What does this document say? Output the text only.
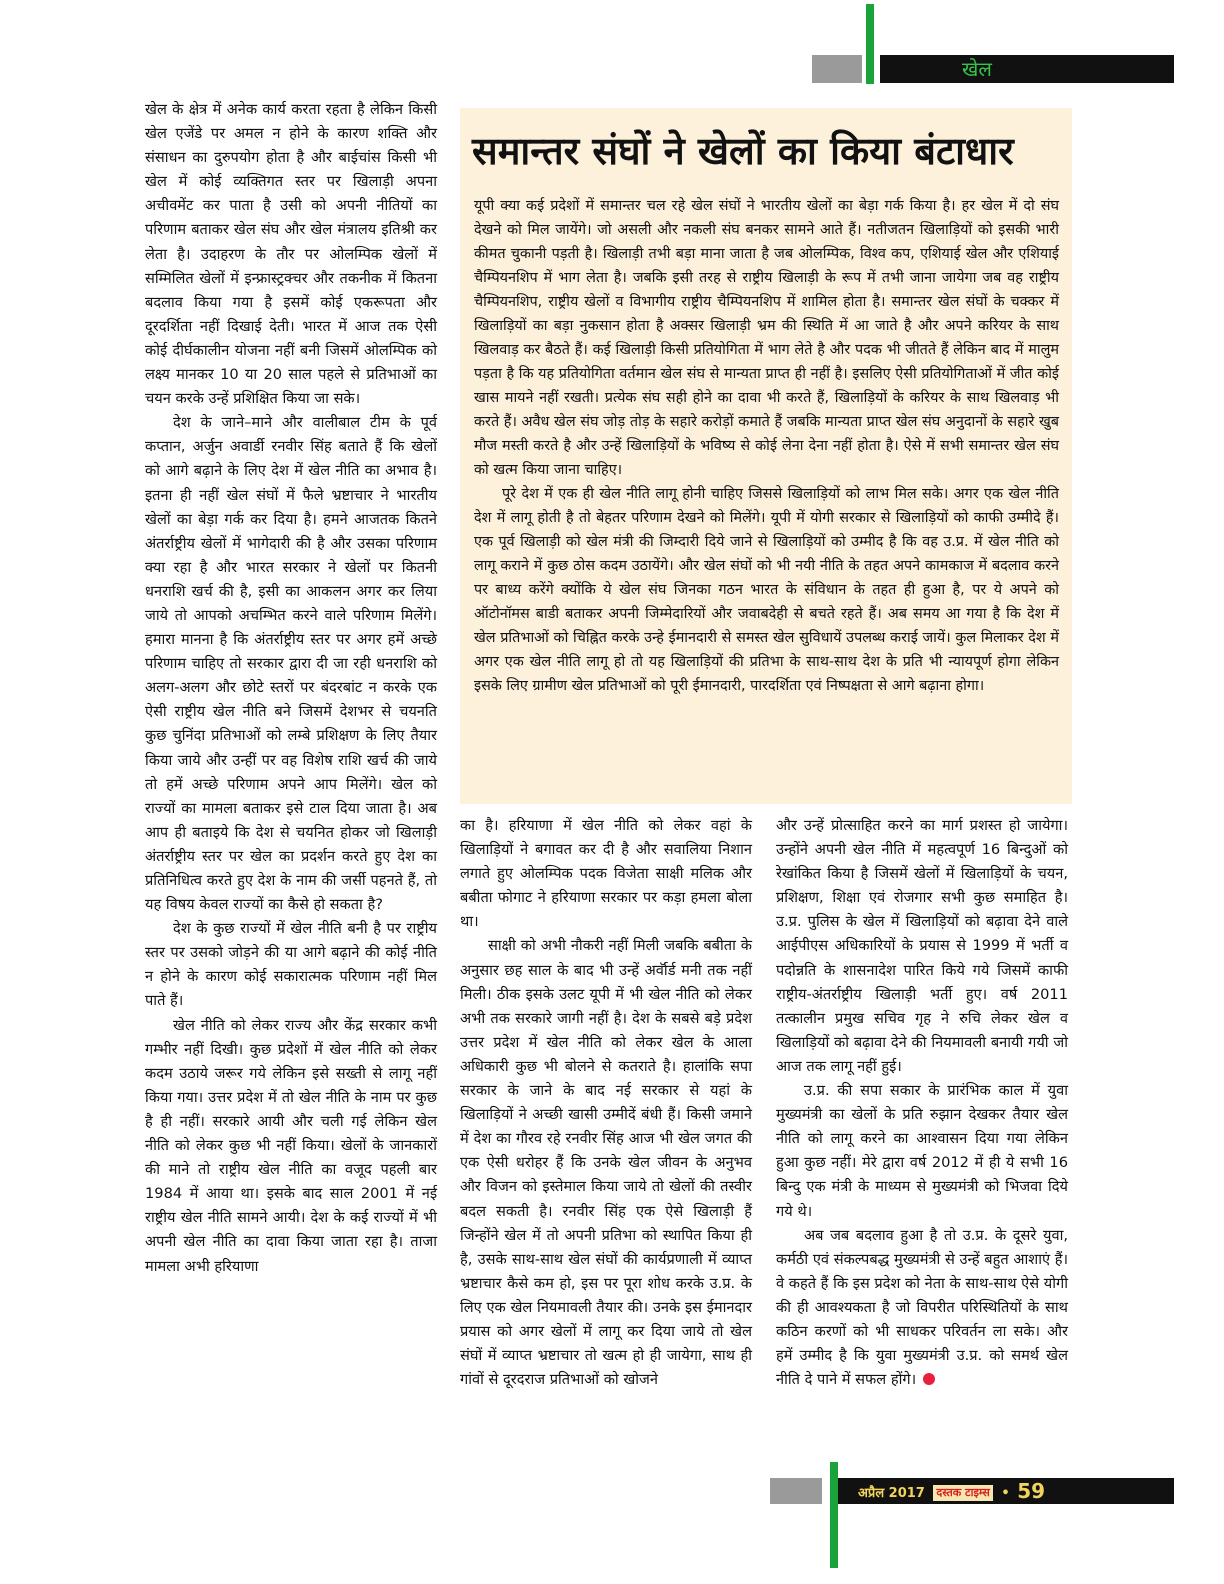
खेल

खेल के क्षेत्र में अनेक कार्य करता रहता है लेकिन किसी खेल एजेंडे पर अमल न होने के कारण शक्ति और संसाधन का दुरुपयोग होता है और बाईचांस किसी भी खेल में कोई व्यक्तिगत स्तर पर खिलाड़ी अपना अचीवमेंट कर पाता है उसी को अपनी नीतियों का परिणाम बताकर खेल संघ और खेल मंत्रालय इतिश्री कर लेता है। उदाहरण के तौर पर ओलम्पिक खेलों में सम्मिलित खेलों में इन्फ्रास्ट्रक्चर और तकनीक में कितना बदलाव किया गया है इसमें कोई एकरूपता और दूरदर्शिता नहीं दिखाई देती। भारत में आज तक ऐसी कोई दीर्घकालीन योजना नहीं बनी जिसमें ओलम्पिक को लक्ष्य मानकर 10 या 20 साल पहले से प्रतिभाओं का चयन करके उन्हें प्रशिक्षित किया जा सके।

देश के जाने–माने और वालीबाल टीम के पूर्व कप्तान, अर्जुन अवार्डी रनवीर सिंह बताते हैं कि खेलों को आगे बढ़ाने के लिए देश में खेल नीति का अभाव है। इतना ही नहीं खेल संघों में फैले भ्रष्टाचार ने भारतीय खेलों का बेड़ा गर्क कर दिया है। हमने आजतक कितने अंतर्राष्ट्रीय खेलों में भागेदारी की है और उसका परिणाम क्या रहा है और भारत सरकार ने खेलों पर कितनी धनराशि खर्च की है, इसी का आकलन अगर कर लिया जाये तो आपको अचम्भित करने वाले परिणाम मिलेंगे। हमारा मानना है कि अंतर्राष्ट्रीय स्तर पर अगर हमें अच्छे परिणाम चाहिए तो सरकार द्वारा दी जा रही धनराशि को अलग-अलग और छोटे स्तरों पर बंदरबांट न करके एक ऐसी राष्ट्रीय खेल नीति बने जिसमें देशभर से चयनति कुछ चुनिंदा प्रतिभाओं को लम्बे प्रशिक्षण के लिए तैयार किया जाये और उन्हीं पर वह विशेष राशि खर्च की जाये तो हमें अच्छे परिणाम अपने आप मिलेंगे। खेल को राज्यों का मामला बताकर इसे टाल दिया जाता है। अब आप ही बताइये कि देश से चयनित होकर जो खिलाड़ी अंतर्राष्ट्रीय स्तर पर खेल का प्रदर्शन करते हुए देश का प्रतिनिधित्व करते हुए देश के नाम की जर्सी पहनते हैं, तो यह विषय केवल राज्यों का कैसे हो सकता है?

देश के कुछ राज्यों में खेल नीति बनी है पर राष्ट्रीय स्तर पर उसको जोड़ने की या आगे बढ़ाने की कोई नीति न होने के कारण कोई सकारात्मक परिणाम नहीं मिल पाते हैं।

खेल नीति को लेकर राज्य और केंद्र सरकार कभी गम्भीर नहीं दिखी। कुछ प्रदेशों में खेल नीति को लेकर कदम उठाये जरूर गये लेकिन इसे सख्ती से लागू नहीं किया गया। उत्तर प्रदेश में तो खेल नीति के नाम पर कुछ है ही नहीं। सरकारे आयी और चली गई लेकिन खेल नीति को लेकर कुछ भी नहीं किया। खेलों के जानकारों की माने तो राष्ट्रीय खेल नीति का वजूद पहली बार 1984 में आया था। इसके बाद साल 2001 में नई राष्ट्रीय खेल नीति सामने आयी। देश के कई राज्यों में भी अपनी खेल नीति का दावा किया जाता रहा है। ताजा मामला अभी हरियाणा

समान्तर संघों ने खेलों का किया बंटाधार

यूपी क्या कई प्रदेशों में समान्तर चल रहे खेल संघों ने भारतीय खेलों का बेड़ा गर्क किया है। हर खेल में दो संघ देखने को मिल जायेंगे। जो असली और नकली संघ बनकर सामने आते हैं। नतीजतन खिलाड़ियों को इसकी भारी कीमत चुकानी पड़ती है। खिलाड़ी तभी बड़ा माना जाता है जब ओलम्पिक, विश्व कप, एशियाई खेल और एशियाई चैम्पियनशिप में भाग लेता है। जबकि इसी तरह से राष्ट्रीय खिलाड़ी के रूप में तभी जाना जायेगा जब वह राष्ट्रीय चैम्पियनशिप, राष्ट्रीय खेलों व विभागीय राष्ट्रीय चैम्पियनशिप में शामिल होता है। समान्तर खेल संघों के चक्कर में खिलाड़ियों का बड़ा नुकसान होता है अक्सर खिलाड़ी भ्रम की स्थिति में आ जाते है और अपने करियर के साथ खिलवाड़ कर बैठते हैं। कई खिलाड़ी किसी प्रतियोगिता में भाग लेते है और पदक भी जीतते हैं लेकिन बाद में मालुम पड़ता है कि यह प्रतियोगिता वर्तमान खेल संघ से मान्यता प्राप्त ही नहीं है। इसलिए ऐसी प्रतियोगिताओं में जीत कोई खास मायने नहीं रखती। प्रत्येक संघ सही होने का दावा भी करते हैं, खिलाड़ियों के करियर के साथ खिलवाड़ भी करते हैं। अवैध खेल संघ जोड़ तोड़ के सहारे करोड़ों कमाते हैं जबकि मान्यता प्राप्त खेल संघ अनुदानों के सहारे खुब मौज मस्ती करते है और उन्हें खिलाड़ियों के भविष्य से कोई लेना देना नहीं होता है। ऐसे में सभी समान्तर खेल संघ को खत्म किया जाना चाहिए।

पूरे देश में एक ही खेल नीति लागू होनी चाहिए जिससे खिलाड़ियों को लाभ मिल सके। अगर एक खेल नीति देश में लागू होती है तो बेहतर परिणाम देखने को मिलेंगे। यूपी में योगी सरकार से खिलाड़ियों को काफी उम्मीदे हैं। एक पूर्व खिलाड़ी को खेल मंत्री की जिम्दारी दिये जाने से खिलाड़ियों को उम्मीद है कि वह उ.प्र. में खेल नीति को लागू कराने में कुछ ठोस कदम उठायेंगे। और खेल संघों को भी नयी नीति के तहत अपने कामकाज में बदलाव करने पर बाध्य करेंगे क्योंकि ये खेल संघ जिनका गठन भारत के संविधान के तहत ही हुआ है, पर ये अपने को ऑटोनॉमस बाडी बताकर अपनी जिम्मेदारियों और जवाबदेही से बचते रहते हैं। अब समय आ गया है कि देश में खेल प्रतिभाओं को चिह्नित करके उन्हे ईमानदारी से समस्त खेल सुविधायें उपलब्ध कराई जायें। कुल मिलाकर देश में अगर एक खेल नीति लागू हो तो यह खिलाड़ियों की प्रतिभा के साथ-साथ देश के प्रति भी न्यायपूर्ण होगा लेकिन इसके लिए ग्रामीण खेल प्रतिभाओं को पूरी ईमानदारी, पारदर्शिता एवं निष्पक्षता से आगे बढ़ाना होगा।

का है। हरियाणा में खेल नीति को लेकर वहां के खिलाड़ियों ने बगावत कर दी है और सवालिया निशान लगाते हुए ओलम्पिक पदक विजेता साक्षी मलिक और बबीता फोगाट ने हरियाणा सरकार पर कड़ा हमला बोला था।

साक्षी को अभी नौकरी नहीं मिली जबकि बबीता के अनुसार छह साल के बाद भी उन्हें अर्वॉर्ड मनी तक नहीं मिली। ठीक इसके उलट यूपी में भी खेल नीति को लेकर अभी तक सरकारे जागी नहीं है। देश के सबसे बड़े प्रदेश उत्तर प्रदेश में खेल नीति को लेकर खेल के आला अधिकारी कुछ भी बोलने से कतराते है। हालांकि सपा सरकार के जाने के बाद नई सरकार से यहां के खिलाड़ियों ने अच्छी खासी उम्मीदें बंधी हैं। किसी जमाने में देश का गौरव रहे रनवीर सिंह आज भी खेल जगत की एक ऐसी धरोहर हैं कि उनके खेल जीवन के अनुभव और विजन को इस्तेमाल किया जाये तो खेलों की तस्वीर बदल सकती है। रनवीर सिंह एक ऐसे खिलाड़ी हैं जिन्होंने खेल में तो अपनी प्रतिभा को स्थापित किया ही है, उसके साथ-साथ खेल संघों की कार्यप्रणाली में व्याप्त भ्रष्टाचार कैसे कम हो, इस पर पूरा शोध करके उ.प्र. के लिए एक खेल नियमावली तैयार की। उनके इस ईमानदार प्रयास को अगर खेलों में लागू कर दिया जाये तो खेल संघों में व्याप्त भ्रष्टाचार तो खत्म हो ही जायेगा, साथ ही गांवों से दूरदराज प्रतिभाओं को खोजने

और उन्हें प्रोत्साहित करने का मार्ग प्रशस्त हो जायेगा। उन्होंने अपनी खेल नीति में महत्वपूर्ण 16 बिन्दुओं को रेखांकित किया है जिसमें खेलों में खिलाड़ियों के चयन, प्रशिक्षण, शिक्षा एवं रोजगार सभी कुछ समाहित है। उ.प्र. पुलिस के खेल में खिलाड़ियों को बढ़ावा देने वाले आईपीएस अधिकारियों के प्रयास से 1999 में भर्ती व पदोन्नति के शासनादेश पारित किये गये जिसमें काफी राष्ट्रीय-अंतर्राष्ट्रीय खिलाड़ी भर्ती हुए। वर्ष 2011 तत्कालीन प्रमुख सचिव गृह ने रुचि लेकर खेल व खिलाड़ियों को बढ़ावा देने की नियमावली बनायी गयी जो आज तक लागू नहीं हुई।

उ.प्र. की सपा सकार के प्रारंभिक काल में युवा मुख्यमंत्री का खेलों के प्रति रुझान देखकर तैयार खेल नीति को लागू करने का आश्वासन दिया गया लेकिन हुआ कुछ नहीं। मेरे द्वारा वर्ष 2012 में ही ये सभी 16 बिन्दु एक मंत्री के माध्यम से मुख्यमंत्री को भिजवा दिये गये थे।

अब जब बदलाव हुआ है तो उ.प्र. के दूसरे युवा, कर्मठी एवं संकल्पबद्ध मुख्यमंत्री से उन्हें बहुत आशाएं हैं। वे कहते हैं कि इस प्रदेश को नेता के साथ-साथ ऐसे योगी की ही आवश्यकता है जो विपरीत परिस्थितियों के साथ कठिन करणों को भी साधकर परिवर्तन ला सके। और हमें उम्मीद है कि युवा मुख्यमंत्री उ.प्र. को समर्थ खेल नीति दे पाने में सफल होंगे।

अप्रैल 2017 दस्तक टाइम्स • 59
